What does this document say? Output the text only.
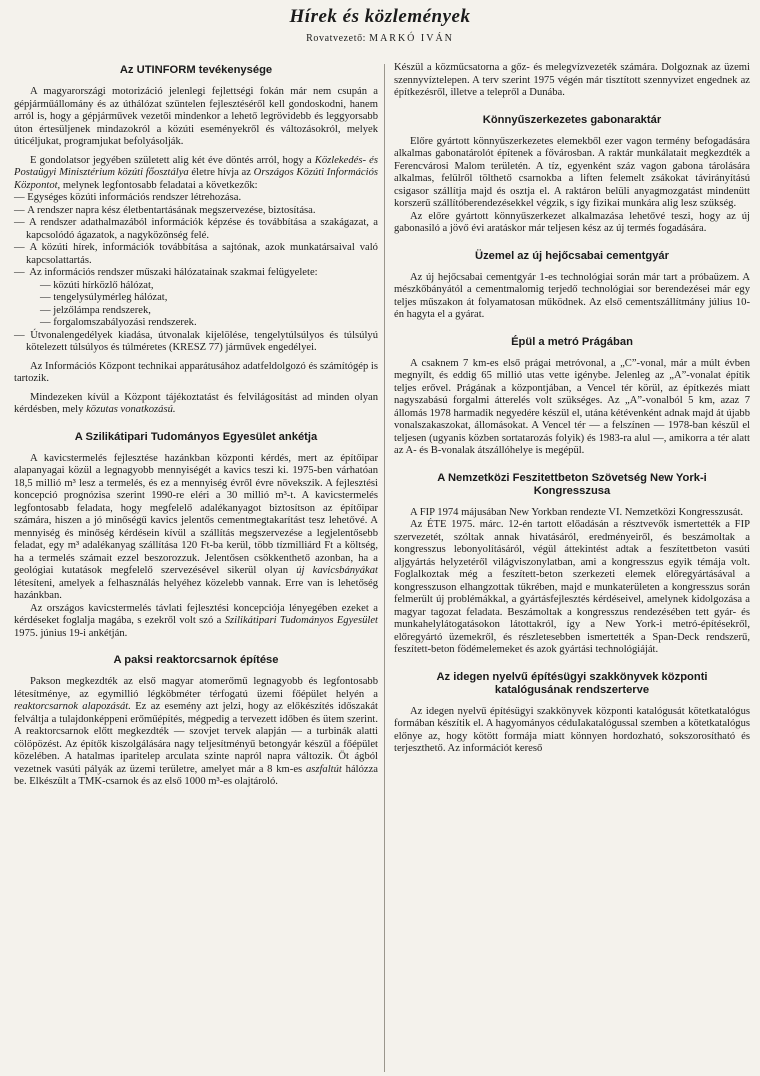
Hírek és közlemények
Rovatvezető: MARKÓ IVÁN
Az UTINFORM tevékenysége

A magyarországi motorizáció jelenlegi fejlettségi fokán már nem csupán a gépjárműállomány és az úthálózat szüntelen fejlesztéséről kell gondoskodni, hanem arról is, hogy a gépjárművek vezetői mindenkor a lehető legrövidebb és leggyorsabb úton értesüljenek mindazokról a közúti eseményekről és változásokról, melyek úticéljukat, programjukat befolyásolják.

E gondolatsor jegyében született alig két éve döntés arról, hogy a Közlekedés- és Postaügyi Minisztérium közúti főosztálya életre hívja az Országos Közúti Információs Központot, melynek legfontosabb feladatai a következők:

— Egységes közúti információs rendszer létrehozása.
— A rendszer napra kész életbentartásának megszervezése, biztosítása.
— A rendszer adathalmazából információk képzése és továbbítása a szakágazat, a kapcsolódó ágazatok, a nagyközönség felé.
— A közúti hírek, információk továbbítása a sajtónak, azok munkatársaival való kapcsolattartás.
— Az információs rendszer műszaki hálózatainak szakmai felügyelete:
— közúti hírközlő hálózat,
— tengelysúlymérleg hálózat,
— jelzőlámpa rendszerek,
— forgalomszabályozási rendszerek.
— Útvonalengedélyek kiadása, útvonalak kijelölése, tengelytúlsúlyos és túlsúlyú kötelezett túlsúlyos és túlméretes (KRESZ 77) járművek engedélyei.

Az Információs Központ technikai apparátusához adatfeldolgozó és számítógép is tartozik.

Mindezeken kívül a Központ tájékoztatást és felvilágosítást ad minden olyan kérdésben, mely közutas vonatkozású.

A Szilikátipari Tudományos Egyesület ankétja

A kavicstermelés fejlesztése hazánkban központi kérdés, mert az építőipar alapanyagai közül a legnagyobb mennyiségét a kavics teszi ki. 1975-ben várhatóan 18,5 millió m³ lesz a termelés, és ez a mennyiség évről évre növekszik. A fejlesztési koncepció prognózisa szerint 1990-re eléri a 30 millió m³-t. A kavicstermelés legfontosabb feladata, hogy megfelelő adalékanyagot biztosítson az építőipar számára, hiszen a jó minőségű kavics jelentős cementmegtakarítást tesz lehetővé. A mennyiség és minőség kérdésein kívül a szállítás megszervezése a legjelentősebb feladat, egy m³ adalékanyag szállítása 120 Ft-ba kerül, több tízmilliárd Ft a költség, ha a termelés számait ezzel beszorozzuk. Jelentősen csökkenthető azonban, ha a geológiai kutatások megfelelő szervezésével sikerül olyan új kavicsbányákat létesíteni, amelyek a felhasználás helyéhez közelebb vannak. Erre van is lehetőség hazánkban.

Az országos kavicstermelés távlati fejlesztési koncepciója lényegében ezeket a kérdéseket foglalja magába, s ezekről volt szó a Szilikátipari Tudományos Egyesület 1975. június 19-i ankétján.

A paksi reaktorcsarnok építése

Pakson megkezdték az első magyar atomerőmű legnagyobb és legfontosabb létesítménye, az egymillió légköbméter térfogatú üzemi főépület helyén a reaktorcsarnok alapozását. Ez az esemény azt jelzi, hogy az előkészítés időszakát felváltja a tulajdonképpeni erőműépítés, mégpedig a tervezett időben és ütem szerint. A reaktorcsarnok előtt megkezdték — szovjet tervek alapján — a turbinák alatti cölöpözést. Az építők kiszolgálására nagy teljesítményű betongyár készül a főépület közelében. A hatalmas iparitelep arculata szinte napról napra változik. Öt ágból vezetnek vasúti pályák az üzemi területre, amelyet már a 8 km-es aszfaltút hálózza be. Elkészült a TMK-csarnok és az első 1000 m³-es olajtároló.

Készül a közműcsatorna a gőz- és melegvízvezeték számára. Dolgoznak az üzemi szennyvíztelepen. A terv szerint 1975 végén már tisztított szennyvizet engednek az építkezésről, illetve a telepről a Dunába.

Könnyűszerkezetes gabonaraktár

Előre gyártott könnyűszerkezetes elemekből ezer vagon termény befogadására alkalmas gabonatárolót építenek a fővárosban. A raktár munkálatait megkezdték a Ferencvárosi Malom területén. A tíz, egyenként száz vagon gabona tárolására alkalmas, felülről tölthető csarnokba a liften felemelt zsákokat távirányítású csigasor szállítja majd és osztja el. A raktáron belüli anyagmozgatást mindenütt korszerű szállítóberendezésekkel végzik, s így fizikai munkára alig lesz szükség.

Az előre gyártott könnyűszerkezet alkalmazása lehetővé teszi, hogy az új gabonasiló a jövő évi aratáskor már teljesen kész az új termés fogadására.

Üzemel az új hejőcsabai cementgyár

Az új hejőcsabai cementgyár 1-es technológiai során már tart a próbaüzem. A mészkőbányától a cementmalomig terjedő technológiai sor berendezései már egy teljes műszakon át folyamatosan működnek. Az első cementszállítmány július 10-én hagyta el a gyárat.

Épül a metró Prágában

A csaknem 7 km-es első prágai metróvonal, a „C”-vonal, már a múlt évben megnyílt, és eddig 65 millió utas vette igénybe. Jelenleg az „A”-vonalat építik teljes erővel. Prágának a központjában, a Vencel tér körül, az építkezés miatt nagyszabású forgalmi átterelés volt szükséges. Az „A”-vonalból 5 km, azaz 7 állomás 1978 harmadik negyedére készül el, utána kétévenként adnak majd át újabb vonalszakaszokat, állomásokat. A Vencel tér — a felszínen — 1978-ban készül el teljesen (ugyanis közben sortatarozás folyik) és 1983-ra alul —, amikorra a tér alatt az A- és B-vonalak átszállóhelye is megépül.

A Nemzetközi Feszitettbeton Szövetség New York-i Kongresszusa

A FIP 1974 májusában New Yorkban rendezte VI. Nemzetközi Kongresszusát.

Az ÉTE 1975. márc. 12-én tartott előadásán a résztvevők ismertették a FIP szervezetét, szóltak annak hivatásáról, eredményeiről, és beszámoltak a kongresszus lebonyolításáról, végül áttekintést adtak a feszítettbeton vasúti aljgyártás helyzetéről világviszonylatban, ami a kongresszus egyik témája volt. Foglalkoztak még a feszített-beton szerkezeti elemek előregyártásával a kongresszuson elhangzottak tükrében, majd e munkaterületen a kongresszus során felmerült új problémákkal, a gyártásfejlesztés kérdéseivel, amelynek kidolgozása a magyar tagozat feladata. Beszámoltak a kongresszus rendezésében tett gyár- és munkahelylátogatásokon látottakról, így a New York-i metró-építésekről, előregyártó üzemekről, és részletesebben ismertették a Span-Deck rendszerű, feszített-beton födémelemeket és azok gyártási technológiáját.

Az idegen nyelvű építésügyi szakkönyvek központi katalógusának rendszerterve

Az idegen nyelvű építésügyi szakkönyvek központi katalógusát kötetkatalógus formában készítik el. A hagyományos céduIakatalógussal szemben a kötetkatalógus előnye az, hogy kötött formája miatt könnyen hordozható, sokszorosítható és terjeszthető. Az információt kereső
